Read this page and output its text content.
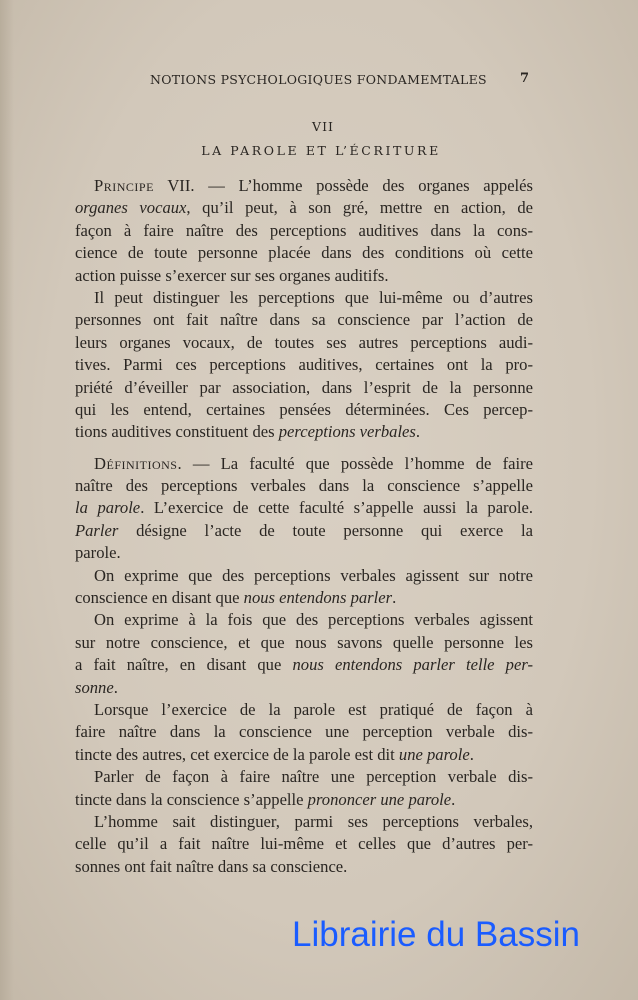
NOTIONS PSYCHOLOGIQUES FONDAMEMTALES	7
VII
LA PAROLE ET L’ÉCRITURE
Principe VII. — L’homme possède des organes appelés
organes vocaux, qu’il peut, à son gré, mettre en action, de
façon à faire naître des perceptions auditives dans la cons-
cience de toute personne placée dans des conditions où cette
action puisse s’exercer sur ses organes auditifs.
Il peut distinguer les perceptions que lui-même ou d’autres
personnes ont fait naître dans sa conscience par l’action de
leurs organes vocaux, de toutes ses autres perceptions audi-
tives. Parmi ces perceptions auditives, certaines ont la pro-
priété d’éveiller par association, dans l’esprit de la personne
qui les entend, certaines pensées déterminées. Ces percep-
tions auditives constituent des perceptions verbales.
Définitions. — La faculté que possède l’homme de faire
naître des perceptions verbales dans la conscience s’appelle
la parole. L’exercice de cette faculté s’appelle aussi la parole.
Parler désigne l’acte de toute personne qui exerce la
parole.
On exprime que des perceptions verbales agissent sur notre
conscience en disant que nous entendons parler.
On exprime à la fois que des perceptions verbales agissent
sur notre conscience, et que nous savons quelle personne les
a fait naître, en disant que nous entendons parler telle per-
sonne.
Lorsque l’exercice de la parole est pratiqué de façon à
faire naître dans la conscience une perception verbale dis-
tincte des autres, cet exercice de la parole est dit une parole.
Parler de façon à faire naître une perception verbale dis-
tincte dans la conscience s’appelle prononcer une parole.
L’homme sait distinguer, parmi ses perceptions verbales,
celle qu’il a fait naître lui-même et celles que d’autres per-
sonnes ont fait naître dans sa conscience.
Librairie du Bassin
